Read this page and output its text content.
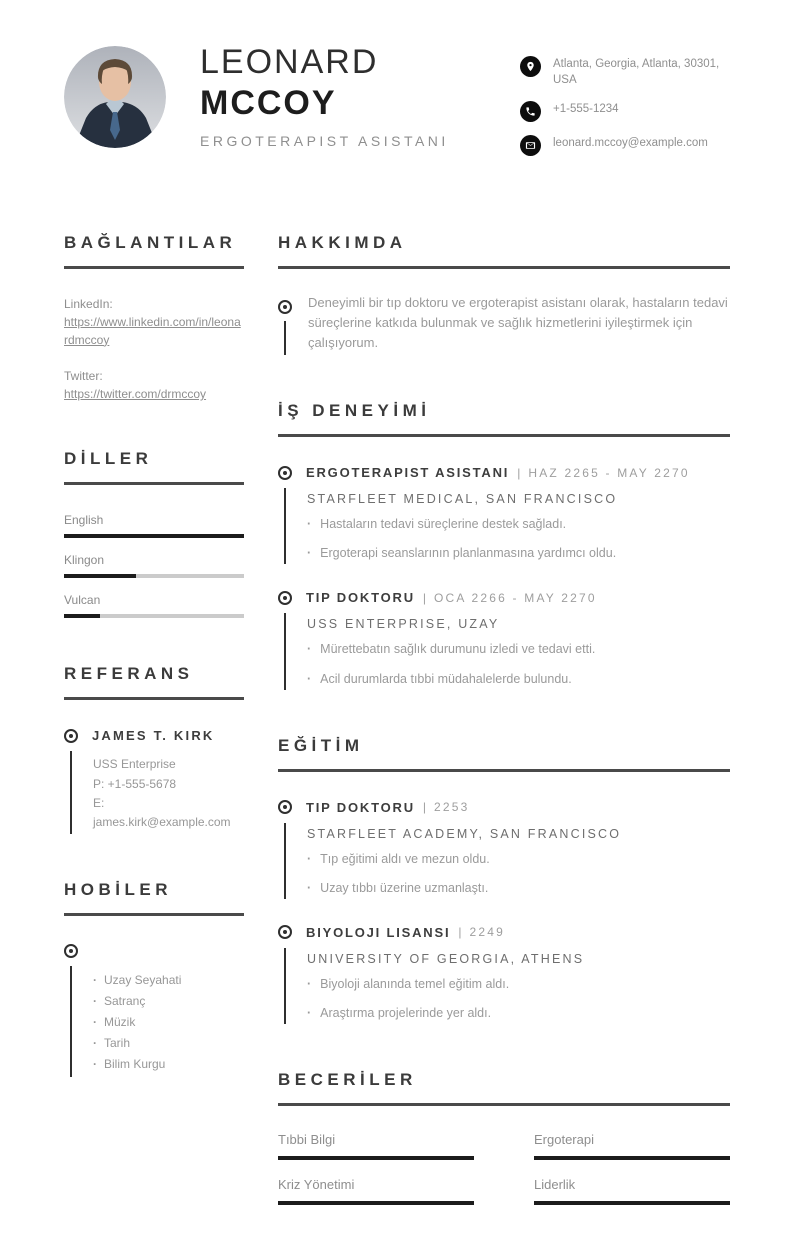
LEONARD
MCCOY
ERGOTERAPIST ASISTANI
Atlanta, Georgia, Atlanta, 30301, USA
+1-555-1234
leonard.mccoy@example.com
BAĞLANTILAR
LinkedIn:
https://www.linkedin.com/in/leonardmccoy
Twitter:
https://twitter.com/drmccoy
DİLLER
English
Klingon
Vulcan
REFERANS
JAMES T. KIRK
USS Enterprise
P: +1-555-5678
E: james.kirk@example.com
HOBİLER
· Uzay Seyahati
· Satranç
· Müzik
· Tarih
· Bilim Kurgu
HAKKIMDA

Deneyimli bir tıp doktoru ve ergoterapist asistanı olarak, hastaların tedavi süreçlerine katkıda bulunmak ve sağlık hizmetlerini iyileştirmek için çalışıyorum.

İŞ DENEYİMİ
ERGOTERAPIST ASISTANI | HAZ 2265 - MAY 2270
STARFLEET MEDICAL, SAN FRANCISCO
· Hastaların tedavi süreçlerine destek sağladı.
· Ergoterapi seanslarının planlanmasına yardımcı oldu.
TIP DOKTORU | OCA 2266 - MAY 2270
USS ENTERPRISE, UZAY
· Mürettebatın sağlık durumunu izledi ve tedavi etti.
· Acil durumlarda tıbbi müdahalelerde bulundu.
EĞİTİM
TIP DOKTORU | 2253
STARFLEET ACADEMY, SAN FRANCISCO
· Tıp eğitimi aldı ve mezun oldu.
· Uzay tıbbı üzerine uzmanlaştı.
BIYOLOJI LISANSI | 2249
UNIVERSITY OF GEORGIA, ATHENS
· Biyoloji alanında temel eğitim aldı.
· Araştırma projelerinde yer aldı.
BECERİLER
Tıbbi Bilgi	Ergoterapi
Kriz Yönetimi	Liderlik
